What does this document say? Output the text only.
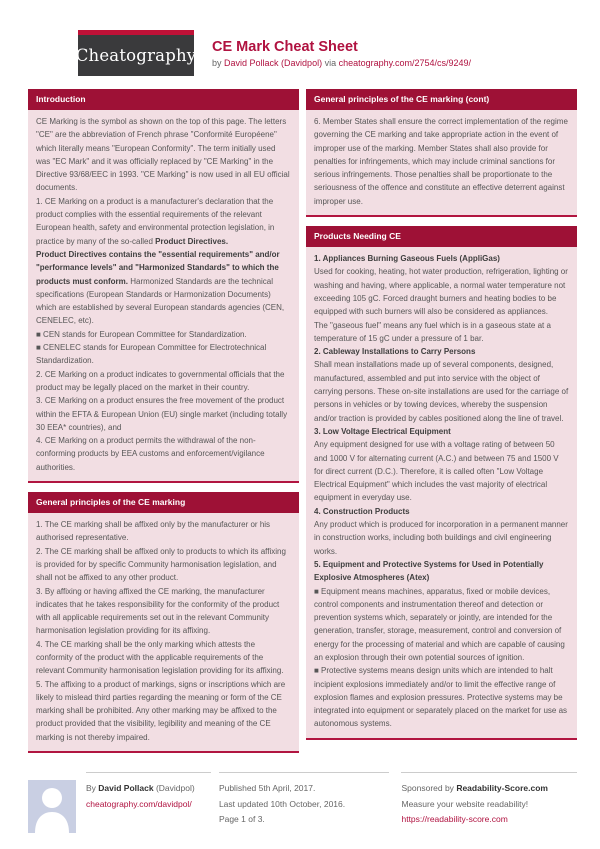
Cheatography CE Mark Cheat Sheet

by David Pollack (Davidpol) via cheatography.com/2754/cs/9249/

Introduction
CE Marking is the symbol as shown on the top of this page. The letters "CE" are the abbreviation of French phrase "Conformité Européene" which literally means "European Conformity". The term initially used was "EC Mark" and it was officially replaced by "CE Marking" in the Directive 93/68/EEC in 1993. "CE Marking" is now used in all EU official documents.
1. CE Marking on a product is a manufacturer's declaration that the product complies with the essential requirements of the relevant European health, safety and environmental protection legislation, in practice by many of the so-called Product Directives.
Product Directives contains the "essential requirements" and/or "performance levels" and "Harmonized Standards" to which the products must conform. Harmonized Standards are the technical specifications (European Standards or Harmonization Documents) which are established by several European standards agencies (CEN, CENELEC, etc).
■ CEN stands for European Committee for Standardization.
■ CENELEC stands for European Committee for Electrotechnical Standardization.
2. CE Marking on a product indicates to governmental officials that the product may be legally placed on the market in their country.
3. CE Marking on a product ensures the free movement of the product within the EFTA & European Union (EU) single market (including totally 30 EEA* countries), and
4. CE Marking on a product permits the withdrawal of the non-conforming products by EEA customs and enforcement/vigilance authorities.
General principles of the CE marking
1. The CE marking shall be affixed only by the manufacturer or his authorised representative.
2. The CE marking shall be affixed only to products to which its affixing is provided for by specific Community harmonisation legislation, and shall not be affixed to any other product.
3. By affixing or having affixed the CE marking, the manufacturer indicates that he takes responsibility for the conformity of the product with all applicable requirements set out in the relevant Community harmonisation legislation providing for its affixing.
4. The CE marking shall be the only marking which attests the conformity of the product with the applicable requirements of the relevant Community harmonisation legislation providing for its affixing.
5. The affixing to a product of markings, signs or inscriptions which are likely to mislead third parties regarding the meaning or form of the CE marking shall be prohibited. Any other marking may be affixed to the product provided that the visibility, legibility and meaning of the CE marking is not thereby impaired.
General principles of the CE marking (cont)
6. Member States shall ensure the correct implementation of the regime governing the CE marking and take appropriate action in the event of improper use of the marking. Member States shall also provide for penalties for infringements, which may include criminal sanctions for serious infringements. Those penalties shall be proportionate to the seriousness of the offence and constitute an effective deterrent against improper use.
Products Needing CE
1. Appliances Burning Gaseous Fuels (AppliGas)
Used for cooking, heating, hot water production, refrigeration, lighting or washing and having, where applicable, a normal water temperature not exceeding 105 gC. Forced draught burners and heating bodies to be equipped with such burners will also be considered as appliances.
The "gaseous fuel" means any fuel which is in a gaseous state at a temperature of 15 gC under a pressure of 1 bar.
2. Cableway Installations to Carry Persons
Shall mean installations made up of several components, designed, manufactured, assembled and put into service with the object of carrying persons. These on-site installations are used for the carriage of persons in vehicles or by towing devices, whereby the suspension and/or traction is provided by cables positioned along the line of travel.
3. Low Voltage Electrical Equipment
Any equipment designed for use with a voltage rating of between 50 and 1000 V for alternating current (A.C.) and between 75 and 1500 V for direct current (D.C.). Therefore, it is called often "Low Voltage Electrical Equipment" which includes the vast majority of electrical equipment in everyday use.
4. Construction Products
Any product which is produced for incorporation in a permanent manner in construction works, including both buildings and civil engineering works.
5. Equipment and Protective Systems for Used in Potentially Explosive Atmospheres (Atex)
■ Equipment means machines, apparatus, fixed or mobile devices, control components and instrumentation thereof and detection or prevention systems which, separately or jointly, are intended for the generation, transfer, storage, measurement, control and conversion of energy for the processing of material and which are capable of causing an explosion through their own potential sources of ignition.
■ Protective systems means design units which are intended to halt incipient explosions immediately and/or to limit the effective range of explosion flames and explosion pressures. Protective systems may be integrated into equipment or separately placed on the market for use as autonomous systems.
By David Pollack (Davidpol)
cheatography.com/davidpol/
Published 5th April, 2017.
Last updated 10th October, 2016.
Page 1 of 3.
Sponsored by Readability-Score.com
Measure your website readability!
https://readability-score.com
